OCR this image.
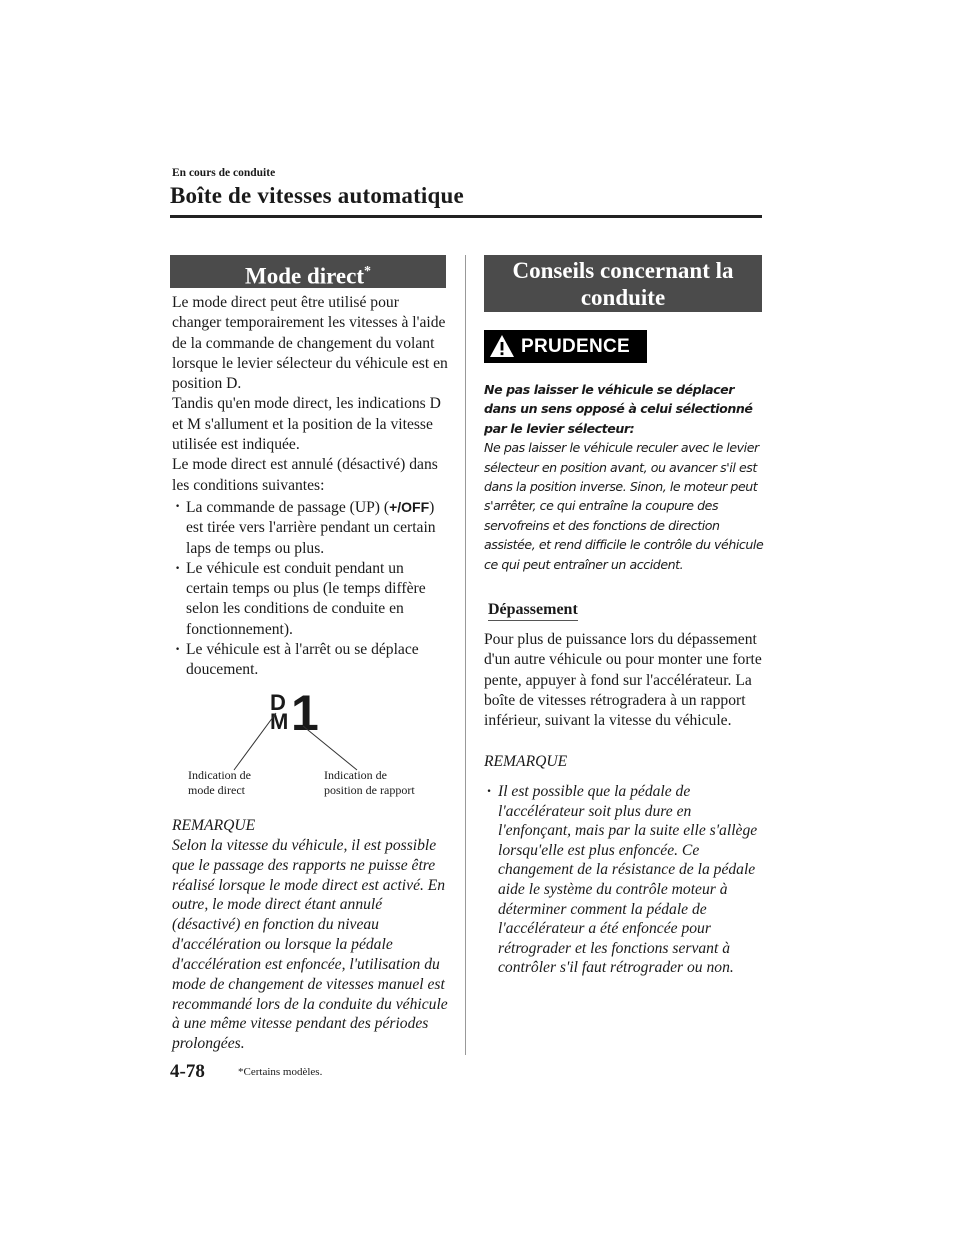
En cours de conduite
Boîte de vitesses automatique
Mode direct*

Le mode direct peut être utilisé pour changer temporairement les vitesses à l'aide de la commande de changement du volant lorsque le levier sélecteur du véhicule est en position D.

Tandis qu'en mode direct, les indications D et M s'allument et la position de la vitesse utilisée est indiquée.

Le mode direct est annulé (désactivé) dans les conditions suivantes:

· La commande de passage (UP) (+/OFF) est tirée vers l'arrière pendant un certain laps de temps ou plus.
· Le véhicule est conduit pendant un certain temps ou plus (le temps diffère selon les conditions de conduite en fonctionnement).
· Le véhicule est à l'arrêt ou se déplace doucement.
D
M 1
Indication de
mode direct
Indication de
position de rapport

REMARQUE

Selon la vitesse du véhicule, il est possible que le passage des rapports ne puisse être réalisé lorsque le mode direct est activé. En outre, le mode direct étant annulé (désactivé) en fonction du niveau d'accélération ou lorsque la pédale d'accélération est enfoncée, l'utilisation du mode de changement de vitesses manuel est recommandé lors de la conduite du véhicule à une même vitesse pendant des périodes prolongées.

Conseils concernant la
conduite
PRUDENCE

Ne pas laisser le véhicule se déplacer dans un sens opposé à celui sélectionné par le levier sélecteur:

Ne pas laisser le véhicule reculer avec le levier sélecteur en position avant, ou avancer s'il est dans la position inverse. Sinon, le moteur peut s'arrêter, ce qui entraîne la coupure des servofreins et des fonctions de direction assistée, et rend difficile le contrôle du véhicule ce qui peut entraîner un accident.

Dépassement

Pour plus de puissance lors du dépassement d'un autre véhicule ou pour monter une forte pente, appuyer à fond sur l'accélérateur. La boîte de vitesses rétrogradera à un rapport inférieur, suivant la vitesse du véhicule.

REMARQUE
· Il est possible que la pédale de l'accélérateur soit plus dure en l'enfonçant, mais par la suite elle s'allège lorsqu'elle est plus enfoncée. Ce changement de la résistance de la pédale aide le système du contrôle moteur à déterminer comment la pédale de l'accélérateur a été enfoncée pour rétrograder et les fonctions servant à contrôler s'il faut rétrograder ou non.
4-78	*Certains modèles.
